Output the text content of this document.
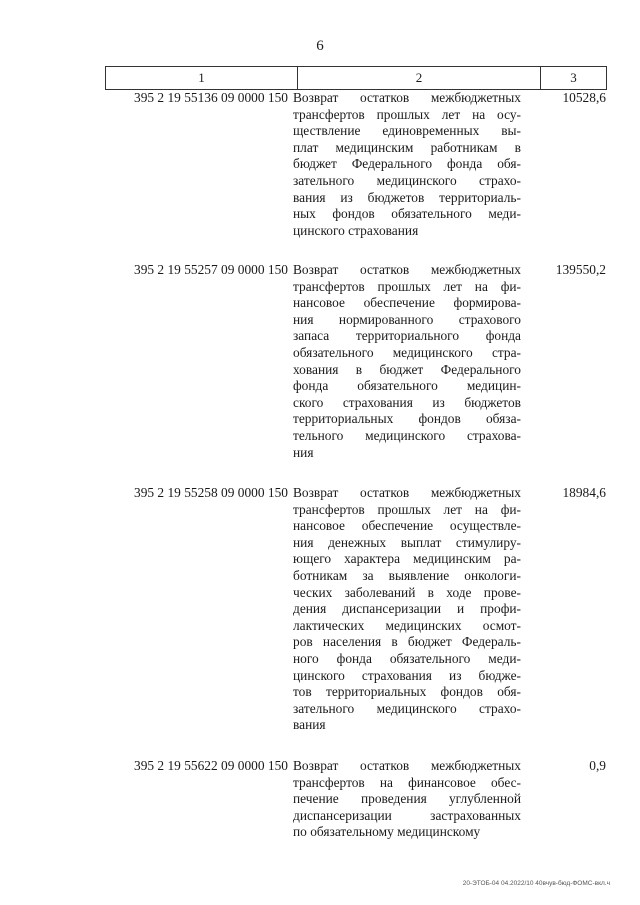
6
1	2	3
395 2 19 55136 09 0000 150 Возврат остатков межбюджетных
трансфертов прошлых лет на осу-
ществление единовременных вы-
плат медицинским работникам в
бюджет Федерального фонда обя-
зательного медицинского страхо-
вания из бюджетов территориаль-
ных фондов обязательного меди-
цинского страхования
10528,6
395 2 19 55257 09 0000 150 Возврат остатков межбюджетных
трансфертов прошлых лет на фи-
нансовое обеспечение формирова-
ния нормированного страхового
запаса территориального фонда
обязательного медицинского стра-
хования в бюджет Федерального
фонда обязательного медицин-
ского страхования из бюджетов
территориальных фондов обяза-
тельного медицинского страхова-
ния
139550,2
395 2 19 55258 09 0000 150 Возврат остатков межбюджетных
трансфертов прошлых лет на фи-
нансовое обеспечение осуществле-
ния денежных выплат стимулиру-
ющего характера медицинским ра-
ботникам за выявление онкологи-
ческих заболеваний в ходе прове-
дения диспансеризации и профи-
лактических медицинских осмот-
ров населения в бюджет Федераль-
ного фонда обязательного меди-
цинского страхования из бюдже-
тов территориальных фондов обя-
зательного медицинского страхо-
вания
18984,6
395 2 19 55622 09 0000 150 Возврат остатков межбюджетных
трансфертов на финансовое обес-
печение проведения углубленной
диспансеризации застрахованных
по обязательному медицинскому
0,9
20-ЭТОБ-04 04.2022/10 40вчув-бюд-ФОМС-вкл.ч
